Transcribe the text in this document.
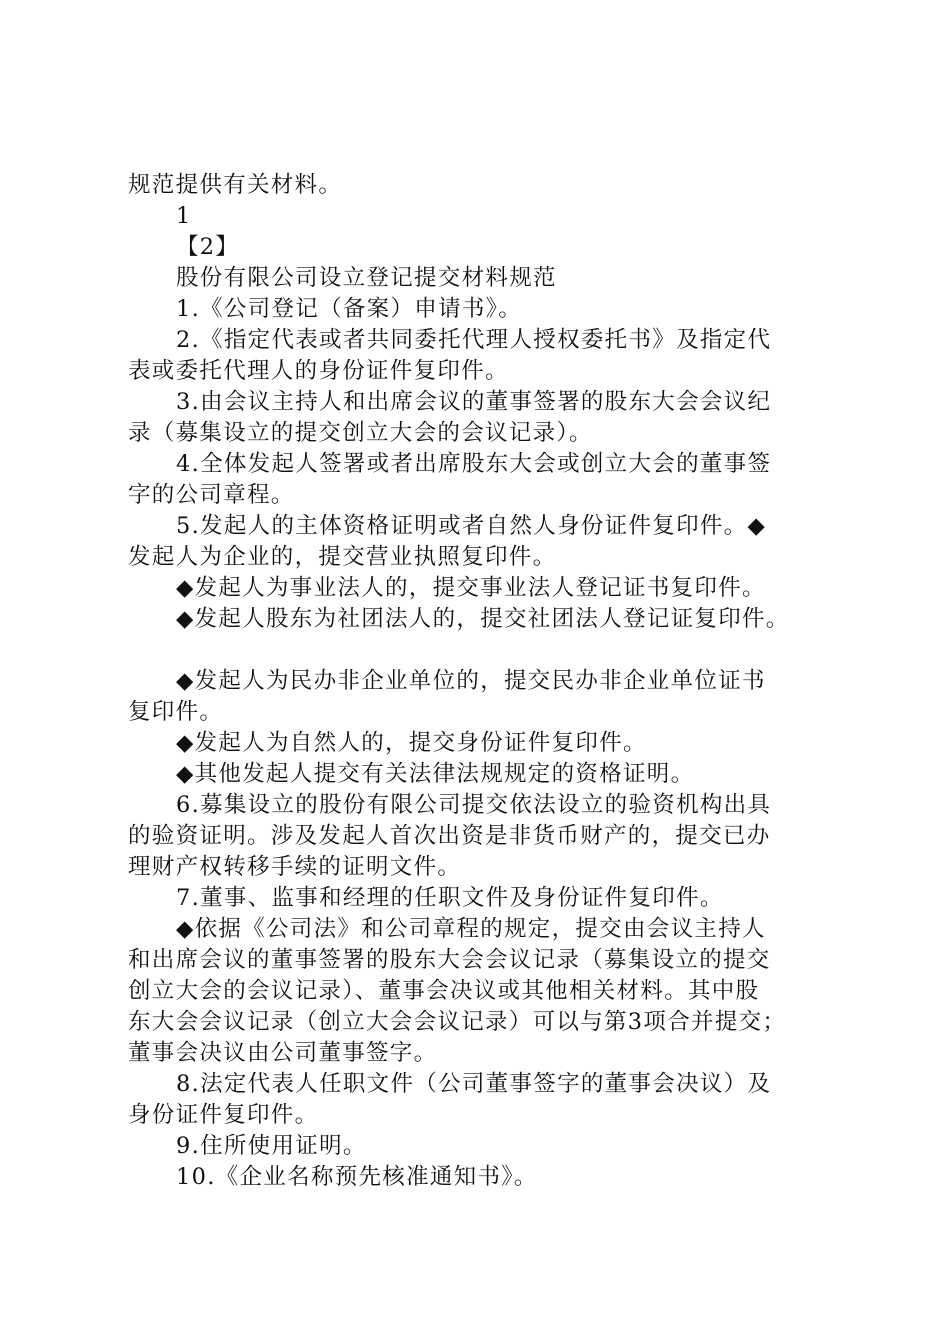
规范提供有关材料。
1
【2】
股份有限公司设立登记提交材料规范
1.《公司登记（备案）申请书》。
2.《指定代表或者共同委托代理人授权委托书》及指定代
表或委托代理人的身份证件复印件。
3.由会议主持人和出席会议的董事签署的股东大会会议纪
录（募集设立的提交创立大会的会议记录）。
4.全体发起人签署或者出席股东大会或创立大会的董事签
字的公司章程。
5.发起人的主体资格证明或者自然人身份证件复印件。◆
发起人为企业的，提交营业执照复印件。
◆发起人为事业法人的，提交事业法人登记证书复印件。
◆发起人股东为社团法人的，提交社团法人登记证复印件。
◆发起人为民办非企业单位的，提交民办非企业单位证书
复印件。
◆发起人为自然人的，提交身份证件复印件。
◆其他发起人提交有关法律法规规定的资格证明。
6.募集设立的股份有限公司提交依法设立的验资机构出具
的验资证明。涉及发起人首次出资是非货币财产的，提交已办
理财产权转移手续的证明文件。
7.董事、监事和经理的任职文件及身份证件复印件。
◆依据《公司法》和公司章程的规定，提交由会议主持人
和出席会议的董事签署的股东大会会议记录（募集设立的提交
创立大会的会议记录）、董事会决议或其他相关材料。其中股
东大会会议记录（创立大会会议记录）可以与第3项合并提交；
董事会决议由公司董事签字。
8.法定代表人任职文件（公司董事签字的董事会决议）及
身份证件复印件。
9.住所使用证明。
10.《企业名称预先核准通知书》。
